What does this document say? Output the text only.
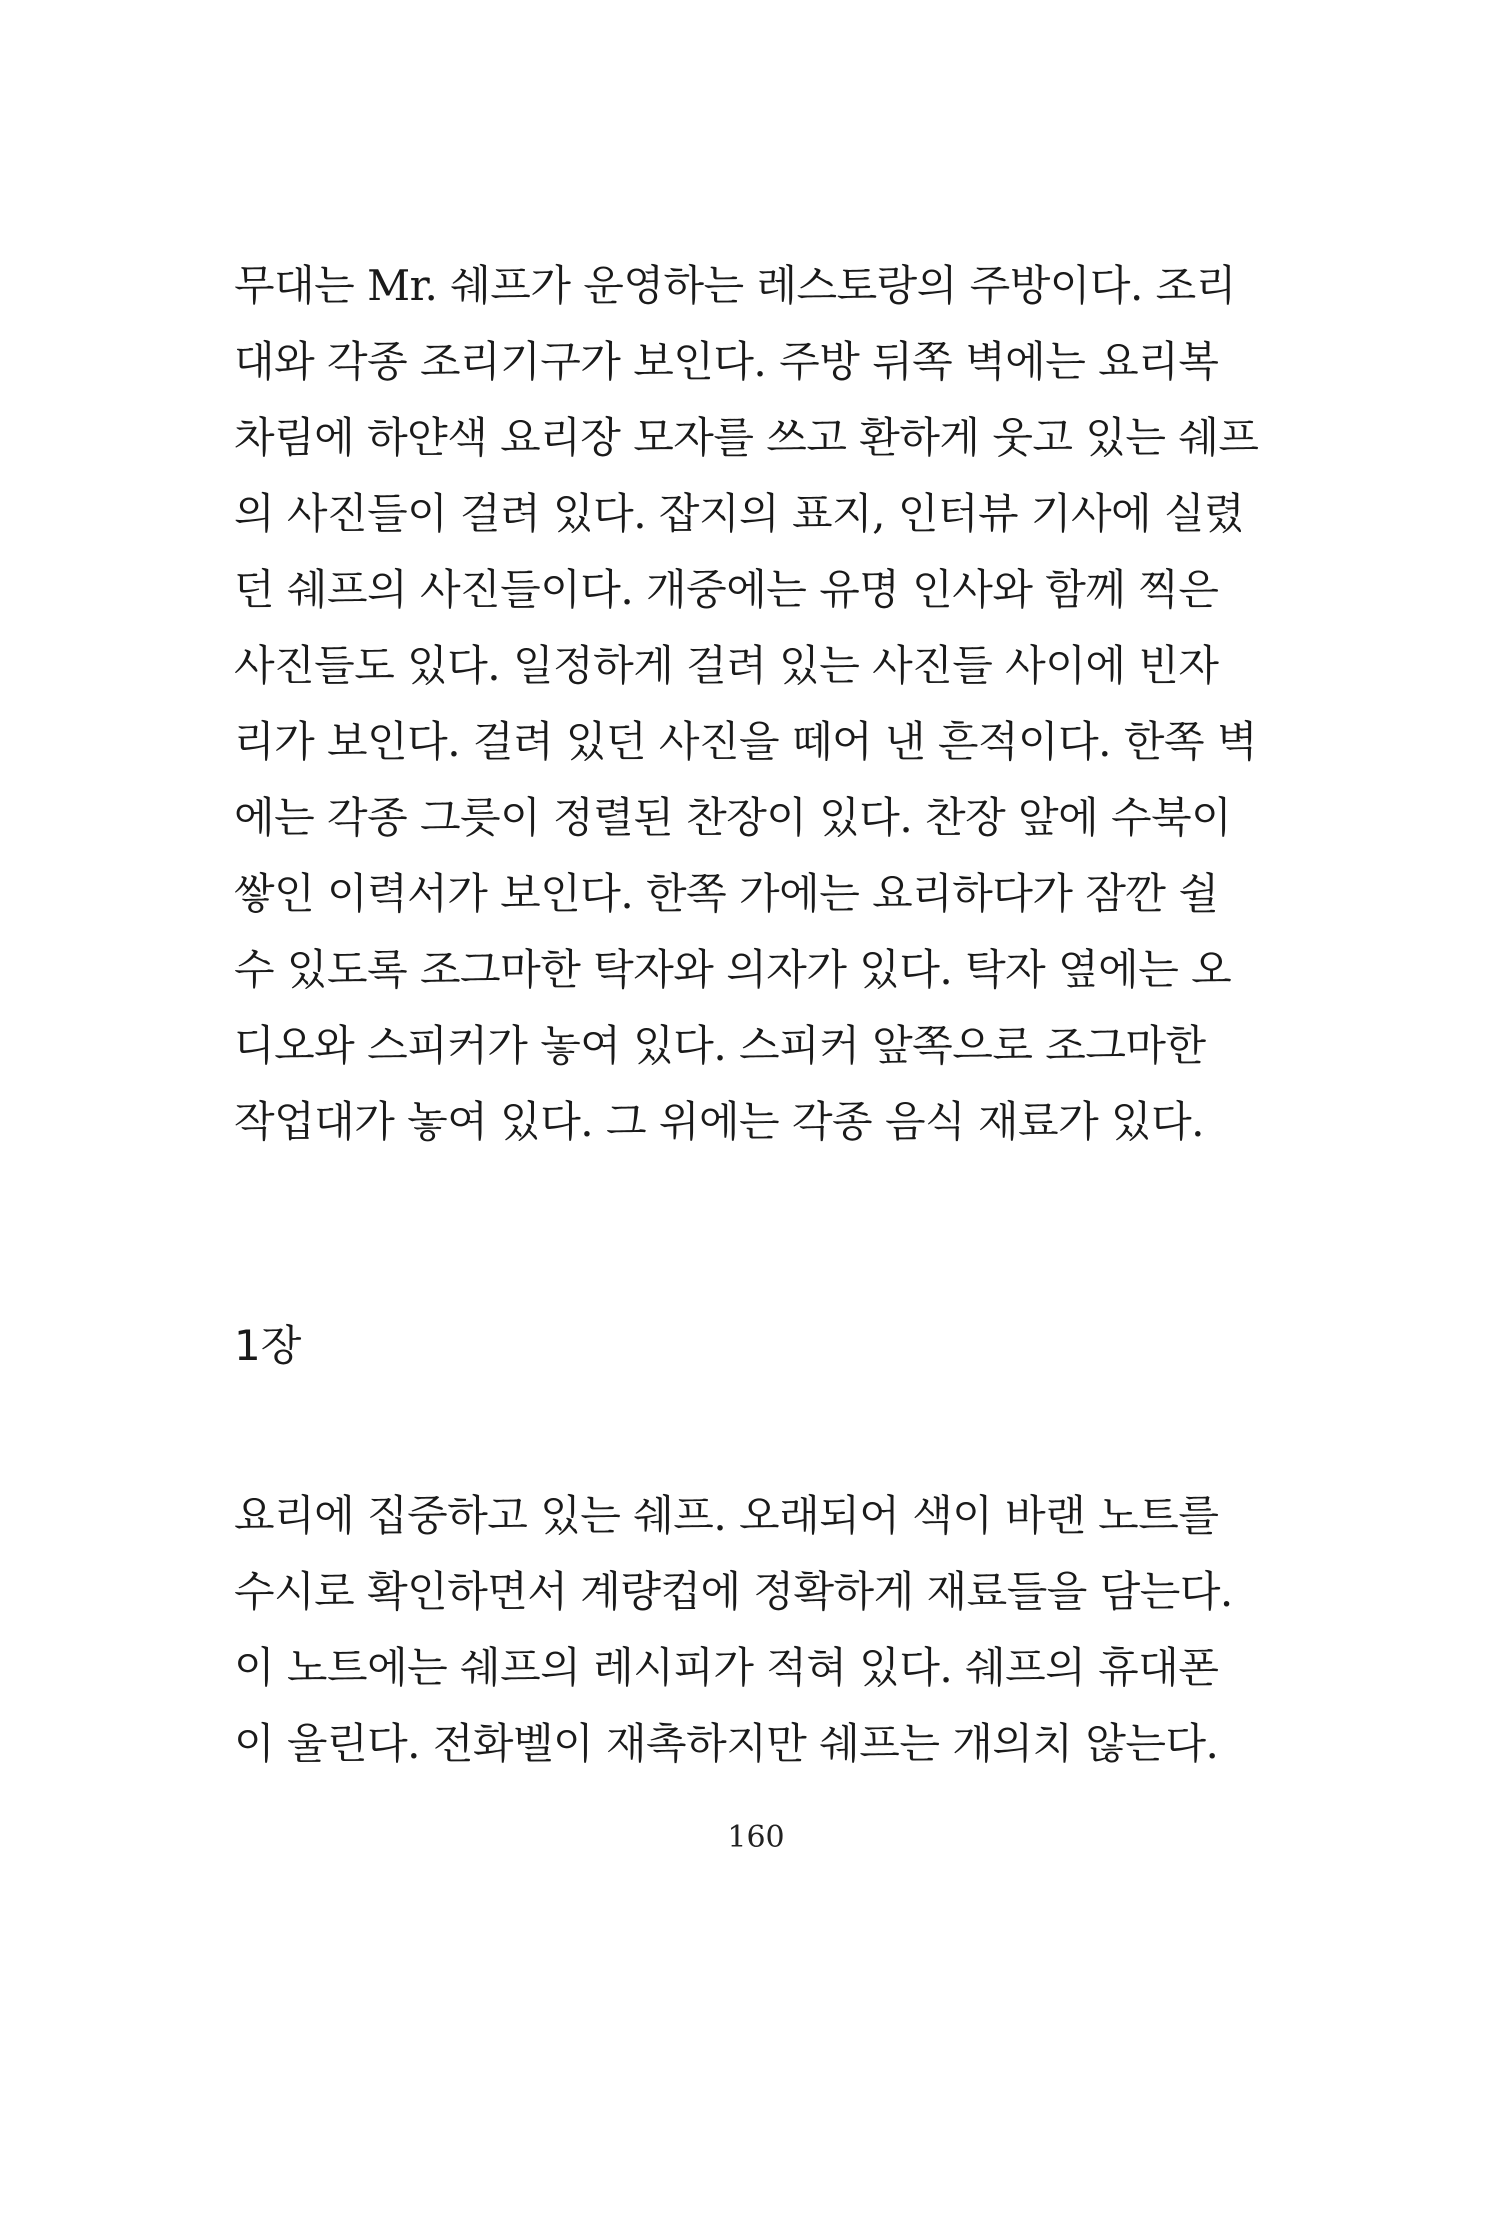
무대는 Mr. 쉐프가 운영하는 레스토랑의 주방이다. 조리
대와 각종 조리기구가 보인다. 주방 뒤쪽 벽에는 요리복
차림에 하얀색 요리장 모자를 쓰고 환하게 웃고 있는 쉐프
의 사진들이 걸려 있다. 잡지의 표지, 인터뷰 기사에 실렸
던 쉐프의 사진들이다. 개중에는 유명 인사와 함께 찍은
사진들도 있다. 일정하게 걸려 있는 사진들 사이에 빈자
리가 보인다. 걸려 있던 사진을 떼어 낸 흔적이다. 한쪽 벽
에는 각종 그릇이 정렬된 찬장이 있다. 찬장 앞에 수북이
쌓인 이력서가 보인다. 한쪽 가에는 요리하다가 잠깐 쉴
수 있도록 조그마한 탁자와 의자가 있다. 탁자 옆에는 오
디오와 스피커가 놓여 있다. 스피커 앞쪽으로 조그마한
작업대가 놓여 있다. 그 위에는 각종 음식 재료가 있다.
1장
요리에 집중하고 있는 쉐프. 오래되어 색이 바랜 노트를
수시로 확인하면서 계량컵에 정확하게 재료들을 담는다.
이 노트에는 쉐프의 레시피가 적혀 있다. 쉐프의 휴대폰
이 울린다. 전화벨이 재촉하지만 쉐프는 개의치 않는다.
160
